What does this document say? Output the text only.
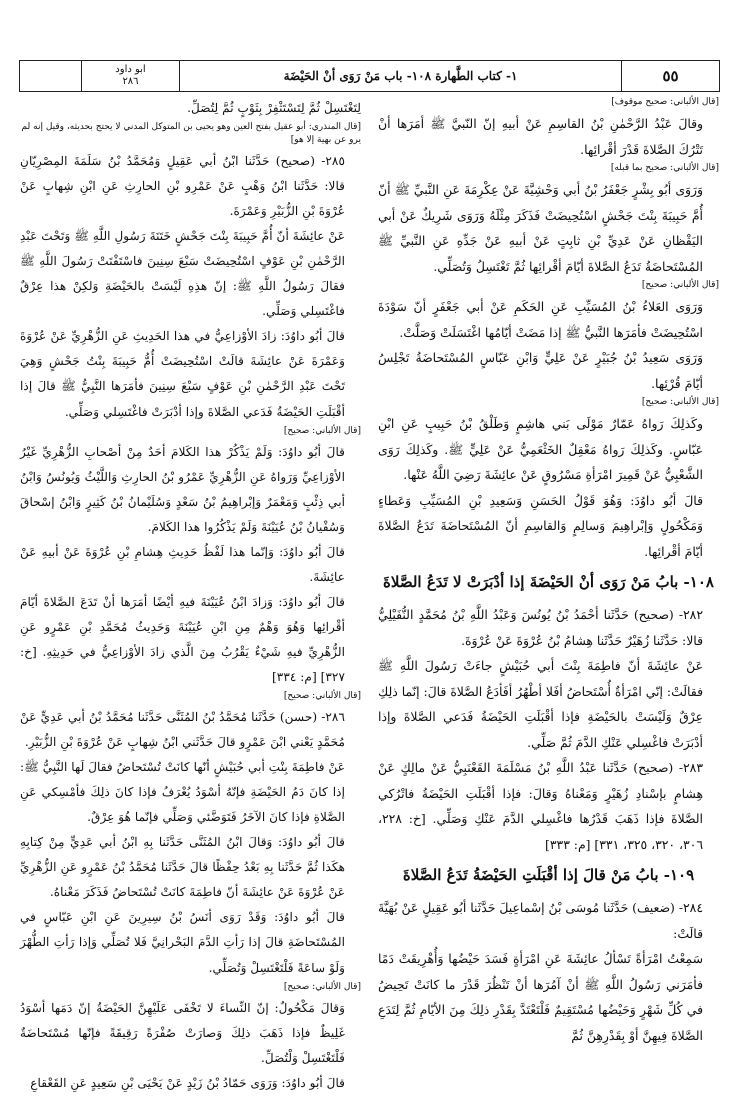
ابو داود
٢٨٦	١- كتاب الطَّهارة ١٠٨- باب مَنْ رَوَى أنْ الحَيْضَة	٥٥

[قال الألباني: صحيح موقوف]

وقالَ عَبْدُ الرَّحْمٰنِ بْنُ القاسِمِ عَنْ أبيهِ إنّ النّبيَّ ﷺ أمَرَها أنْ تَتْرُكَ الصَّلاةَ قَدْرَ أقْرائِها.

[قال الألباني: صحيح بما قبله]

وَرَوَى أبُو بِشْرٍ جَعْفَرُ بْنُ أبي وَحْشِيَّةَ عَنْ عِكْرِمَةَ عَنِ النَّبيِّ ﷺ أنّ أُمَّ حَبِيبَةَ بِنْتَ جَحْشٍ اسْتُحِيضَتْ فَذَكَرَ مِثْلَهُ وَرَوَى شَرِيكٌ عَنْ أبي اليَقْظانِ عَنْ عَدِيِّ بْنِ ثابِتٍ عَنْ أبيهِ عَنْ جَدِّهِ عَنِ النَّبيِّ ﷺ المُسْتَحاضَةُ تَدَعُ الصَّلاةَ أيّامَ أقْرائِها ثُمَّ تَغْتَسِلُ وَتُصَلِّي.

[قال الألباني: صحيح]

وَرَوَى العَلاءُ بْنُ المُسَيِّبِ عَنِ الحَكَمِ عَنْ أبي جَعْفَرٍ أنّ سَوْدَةَ اسْتُحِيضَتْ فأمَرَها النَّبيُّ ﷺ إذا مَضَتْ أيّامُها اغْتَسَلَتْ وَصَلَّتْ.

وَرَوَى سَعِيدُ بْنُ جُبَيْرٍ عَنْ عَلِيٍّ وَابْنِ عَبّاسٍ المُسْتَحاضَةُ تَجْلِسُ أيّامَ قُرْئِها.

[قال الألباني: صحيح]

وكَذلِكَ رَواهُ عَمّارٌ مَوْلَى بَني هاشِمٍ وَطَلْقُ بْنُ حَبِيبٍ عَنِ ابْنِ عَبّاسٍ. وكَذلِكَ رَواهُ مَعْقِلٌ الخَثْعَمِيُّ عَنْ عَلِيٍّ ﷺ. وكَذلِكَ رَوَى الشَّعْبِيُّ عَنْ قَمِيرَ امْرَأةِ مَسْرُوقٍ عَنْ عائِشَةَ رَضِيَ اللَّهُ عَنْها.

قالَ أبُو داوُدَ: وَهُوَ قَوْلُ الحَسَنِ وَسَعِيدِ بْنِ المُسَيِّبِ وَعَطاءٍ وَمَكْحُولٍ وَإبْراهِيمَ وَسالِمٍ وَالقاسِمِ أنّ المُسْتَحاضَةَ تَدَعُ الصَّلاةَ أيّامَ أقْرائِها.

١٠٨- بابُ مَنْ رَوَى أنْ الحَيْضَةَ إذا أدْبَرَتْ لا تَدَعُ الصَّلاةَ

٢٨٢- (صحيح) حَدَّثَنا أحْمَدُ بْنُ يُونُسَ وَعَبْدُ اللَّهِ بْنُ مُحَمَّدٍ النُّفَيْلِيُّ قالا: حَدَّثَنا زُهَيْرٌ حَدَّثَنا هِشامُ بْنُ عُرْوَةَ عَنْ عُرْوَةَ.

عَنْ عائِشَةَ أنّ فاطِمَةَ بِنْتَ أبي حُبَيْشٍ جاءَتْ رَسُولَ اللَّهِ ﷺ فقالَتْ: إنّي امْرَأةٌ أُسْتَحاضُ أفَلا أطْهُرُ أفَأدَعُ الصَّلاةَ قالَ: إنّما ذلِكِ عِرْقٌ وَلَيْسَتْ بالحَيْضَةِ فإذا أقْبَلَتِ الحَيْضَةُ فَدَعي الصَّلاةَ وإذا أدْبَرَتْ فاغْسِلي عَنْكِ الدَّمَ ثُمَّ صَلِّي.

٢٨٣- (صحيح) حَدَّثَنا عَبْدُ اللَّهِ بْنُ مَسْلَمَةَ القَعْنَبِيُّ عَنْ مالِكٍ عَنْ هِشامٍ بإسْنادِ زُهَيْرٍ وَمَعْناهُ وَقالَ: فإذا أقْبَلَتِ الحَيْضَةُ فاتْرُكي الصَّلاةَ فإذا ذَهَبَ قَدْرُها فاغْسِلي الدَّمَ عَنْكِ وَصَلِّي. [خ: ٢٢٨، ٣٠٦، ٣٢٠، ٣٢٥، ٣٣١] [م: ٣٣٣]

١٠٩- بابُ مَنْ قالَ إذا أقْبَلَتِ الحَيْضَةُ تَدَعُ الصَّلاةَ

٢٨٤- (ضعيف) حَدَّثَنا مُوسَى بْنُ إسْماعِيلَ حَدَّثَنا أبُو عَقِيلٍ عَنْ بُهَيَّةَ قالَتْ:

سَمِعْتُ امْرَأةً تَسْألُ عائِشَةَ عَنِ امْرَأةٍ فَسَدَ حَيْضُها وَأُهْرِيقَتْ دَمًا فأمَرَني رَسُولُ اللَّهِ ﷺ أنْ آمُرَها أنْ تَنْظُرَ قَدْرَ ما كانَتْ تَحِيضُ في كُلِّ شَهْرٍ وَحَيْضُها مُسْتَقِيمٌ فَلْتَعْتَدَّ بِقَدْرِ ذلِكَ مِنَ الأيّامِ ثُمَّ لِتَدَعِ الصَّلاةَ فِيهِنَّ أوْ بِقَدْرِهِنَّ ثُمَّ

لِتَغْتَسِلْ ثُمَّ لِتَسْتَثْفِرْ بِثَوْبٍ ثُمَّ لِتُصَلِّ.

[قال المنذري: أبو عقيل بفتح العين وهو يحيى بن المتوكل المدني لا يحتج بحديثه، وقيل إنه لم يرو عن بهية إلا هو]

٢٨٥- (صحيح) حَدَّثَنا ابْنُ أبي عَقِيلٍ وَمُحَمَّدُ بْنُ سَلَمَةَ المِصْرِيّانِ قالا: حَدَّثَنا ابْنُ وَهْبٍ عَنْ عَمْرِو بْنِ الحارِثِ عَنِ ابْنِ شِهابٍ عَنْ عُرْوَةَ بْنِ الزُّبَيْرِ وَعَمْرَةَ.

عَنْ عائِشَةَ أنّ أُمَّ حَبِيبَةَ بِنْتَ جَحْشٍ خَتَنَةَ رَسُولِ اللَّهِ ﷺ وَتَحْتَ عَبْدِ الرَّحْمٰنِ بْنِ عَوْفٍ اسْتُحِيضَتْ سَبْعَ سِنِينَ فاسْتَفْتَتْ رَسُولَ اللَّهِ ﷺ فقالَ رَسُولُ اللَّهِ ﷺ: إنّ هذِهِ لَيْسَتْ بالحَيْضَةِ وَلكِنْ هذا عِرْقٌ فاغْتَسِلي وَصَلِّي.

قالَ أبُو داوُدَ: زادَ الأوْزاعِيُّ في هذا الحَدِيثِ عَنِ الزُّهْرِيِّ عَنْ عُرْوَةَ وَعَمْرَةَ عَنْ عائِشَةَ قالَتْ اسْتُحِيضَتْ أُمُّ حَبِيبَةَ بِنْتُ جَحْشٍ وَهِيَ تَحْتَ عَبْدِ الرَّحْمٰنِ بْنِ عَوْفٍ سَبْعَ سِنِينَ فأمَرَها النَّبِيُّ ﷺ قالَ إذا أقْبَلَتِ الحَيْضَةُ فَدَعي الصَّلاةَ وإذا أدْبَرَتْ فاغْتَسِلي وَصَلِّي.

[قال الألباني: صحيح]

قالَ أبُو داوُدَ: وَلَمْ يَذْكُرْ هذا الكَلامَ أحَدٌ مِنْ أصْحابِ الزُّهْرِيِّ غَيْرُ الأوْزاعِيِّ وَرَواهُ عَنِ الزُّهْرِيِّ عَمْرُو بْنُ الحارِثِ وَاللَّيْثُ وَيُونُسُ وَابْنُ أبي ذِئْبٍ وَمَعْمَرٌ وَإبْراهِيمُ بْنُ سَعْدٍ وَسُلَيْمانُ بْنُ كَثِيرٍ وَابْنُ إسْحاقَ وَسُفْيانُ بْنُ عُيَيْنَةَ وَلَمْ يَذْكُرُوا هذا الكَلامَ.

قالَ أبُو داوُدَ: وَإنّما هذا لَفْظُ حَدِيثِ هِشامِ بْنِ عُرْوَةَ عَنْ أبيهِ عَنْ عائِشَةَ.

قالَ أبُو داوُدَ: وَزادَ ابْنُ عُيَيْنَةَ فيهِ أيْضًا أمَرَها أنْ تَدَعَ الصَّلاةَ أيّامَ أقْرائِها وَهُوَ وَهْمٌ مِنِ ابْنِ عُيَيْنَةَ وَحَدِيثُ مُحَمَّدِ بْنِ عَمْرٍو عَنِ الزُّهْرِيِّ فيهِ شَيْءٌ يَقْرُبُ مِنَ الَّذي زادَ الأوْزاعِيُّ في حَدِيثِهِ. [خ: ٣٢٧] [م: ٣٣٤]

[قال الألباني: صحيح]

٢٨٦- (حسن) حَدَّثَنا مُحَمَّدُ بْنُ المُثَنَّى حَدَّثَنا مُحَمَّدُ بْنُ أبي عَدِيٍّ عَنْ مُحَمَّدٍ يَعْني ابْنَ عَمْرٍو قالَ حَدَّثَني ابْنُ شِهابٍ عَنْ عُرْوَةَ بْنِ الزُّبَيْرِ.

عَنْ فاطِمَةَ بِنْتِ أبي حُبَيْشٍ أنّها كانَتْ تُسْتَحاضُ فقالَ لَها النَّبِيُّ ﷺ: إذا كانَ دَمُ الحَيْضَةِ فإنّهُ أسْوَدُ يُعْرَفُ فإذا كانَ ذلِكَ فأمْسِكي عَنِ الصَّلاةِ فإذا كانَ الآخَرُ فَتَوَضَّئي وَصَلِّي فإنّما هُوَ عِرْقٌ.

قالَ أبُو داوُدَ: وَقالَ ابْنُ المُثَنَّى حَدَّثَنا بِهِ ابْنُ أبي عَدِيٍّ مِنْ كِتابِهِ هكَذا ثُمَّ حَدَّثَنا بِهِ بَعْدُ حِفْظًا قالَ حَدَّثَنا مُحَمَّدُ بْنُ عَمْرٍو عَنِ الزُّهْرِيِّ عَنْ عُرْوَةَ عَنْ عائِشَةَ أنّ فاطِمَةَ كانَتْ تُسْتَحاضُ فَذَكَرَ مَعْناهُ.

قالَ أبُو داوُدَ: وَقَدْ رَوَى أنَسُ بْنُ سِيرِينَ عَنِ ابْنِ عَبّاسٍ في المُسْتَحاضَةِ قالَ إذا رَأتِ الدَّمَ البَحْرانِيَّ فَلا تُصَلِّي وَإذا رَأتِ الطُّهْرَ وَلَوْ ساعَةً فَلْتَغْتَسِلْ وَتُصَلِّي.

[قال الألباني: صحيح]

وَقالَ مَكْحُولٌ: إنّ النِّساءَ لا تَخْفَى عَلَيْهِنَّ الحَيْضَةُ إنّ دَمَها أسْوَدُ غَلِيظٌ فإذا ذَهَبَ ذلِكَ وَصارَتْ صُفْرَةً رَقِيقَةً فإنّها مُسْتَحاضَةٌ فَلْتَغْتَسِلْ وَلْتُصَلِّ.

قالَ أبُو داوُدَ: وَرَوَى حَمّادُ بْنُ زَيْدٍ عَنْ يَحْيَى بْنِ سَعِيدٍ عَنِ القَعْقاعِ
